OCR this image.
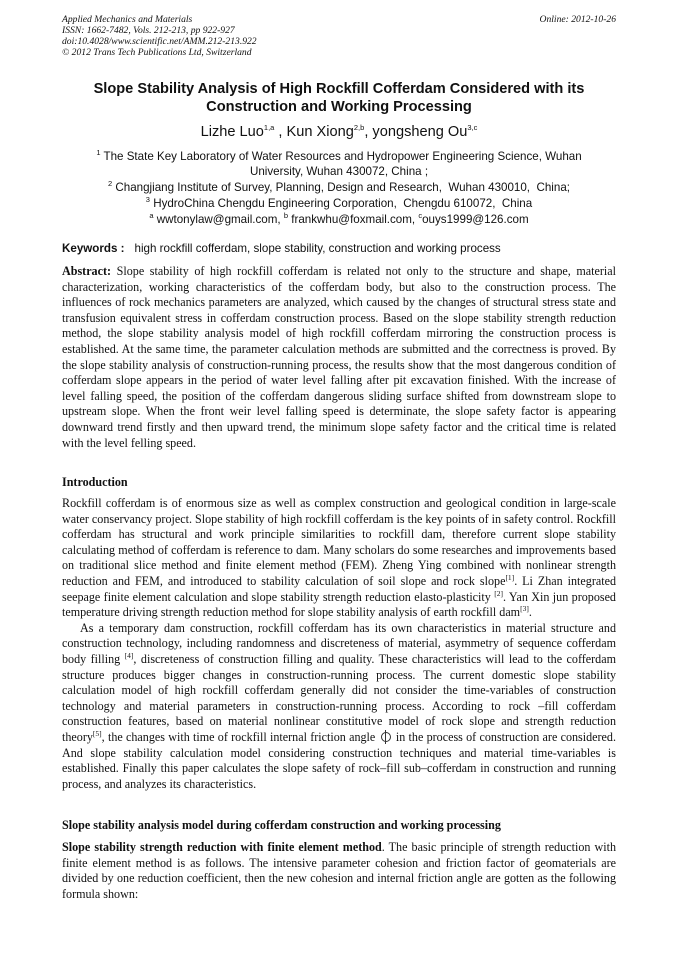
Applied Mechanics and Materials
ISSN: 1662-7482, Vols. 212-213, pp 922-927
doi:10.4028/www.scientific.net/AMM.212-213.922
© 2012 Trans Tech Publications Ltd, Switzerland
Online: 2012-10-26
Slope Stability Analysis of High Rockfill Cofferdam Considered with its
Construction and Working Processing
Lizhe Luo$^{1,a}$ , Kun Xiong$^{2,b}$, yongsheng Ou$^{3,c}$
$^1$ The State Key Laboratory of Water Resources and Hydropower Engineering Science, Wuhan
University, Wuhan 430072, China ;
$^2$ Changjiang Institute of Survey, Planning, Design and Research,  Wuhan 430010,  China;
$^3$ HydroChina Chengdu Engineering Corporation,  Chengdu 610072,  China
$^a$ wwtonylaw@gmail.com, $^b$ frankwhu@foxmail.com, $^c$ouys1999@126.com
Keywords : high rockfill cofferdam, slope stability, construction and working process

Abstract: Slope stability of high rockfill cofferdam is related not only to the structure and shape, material characterization, working characteristics of the cofferdam body, but also to the construction process. The influences of rock mechanics parameters are analyzed, which caused by the changes of structural stress state and transfusion equivalent stress in cofferdam construction process. Based on the slope stability strength reduction method, the slope stability analysis model of high rockfill cofferdam mirroring the construction process is established. At the same time, the parameter calculation methods are submitted and the correctness is proved. By the slope stability analysis of construction-running process, the results show that the most dangerous condition of cofferdam slope appears in the period of water level falling after pit excavation finished. With the increase of level falling speed, the position of the cofferdam dangerous sliding surface shifted from downstream slope to upstream slope. When the front weir level falling speed is determinate, the slope safety factor is appearing downward trend firstly and then upward trend, the minimum slope safety factor and the critical time is related with the level felling speed.

Introduction

Rockfill cofferdam is of enormous size as well as complex construction and geological condition in large-scale water conservancy project. Slope stability of high rockfill cofferdam is the key points of in safety control. Rockfill cofferdam has structural and work principle similarities to rockfill dam, therefore current slope stability calculating method of cofferdam is reference to dam. Many scholars do some researches and improvements based on traditional slice method and finite element method (FEM). Zheng Ying combined with nonlinear strength reduction and FEM, and introduced to stability calculation of soil slope and rock slope[1]. Li Zhan integrated seepage finite element calculation and slope stability strength reduction elasto-plasticity [2]. Yan Xin jun proposed temperature driving strength reduction method for slope stability analysis of earth rockfill dam[3].

As a temporary dam construction, rockfill cofferdam has its own characteristics in material structure and construction technology, including randomness and discreteness of material, asymmetry of sequence cofferdam body filling [4], discreteness of construction filling and quality. These characteristics will lead to the cofferdam structure produces bigger changes in construction-running process. The current domestic slope stability calculation model of high rockfill cofferdam generally did not consider the time-variables of construction technology and material parameters in construction-running process. According to rock –fill cofferdam construction features, based on material nonlinear constitutive model of rock slope and strength reduction theory[5], the changes with time of rockfill internal friction angle  in the process of construction are considered. And slope stability calculation model considering construction techniques and material time-variables is established. Finally this paper calculates the slope safety of rock–fill sub–cofferdam in construction and running process, and analyzes its characteristics.

Slope stability analysis model during cofferdam construction and working processing

Slope stability strength reduction with finite element method. The basic principle of strength reduction with finite element method is as follows. The intensive parameter cohesion and friction factor of geomaterials are divided by one reduction coefficient, then the new cohesion and internal friction angle are gotten as the following formula shown:
